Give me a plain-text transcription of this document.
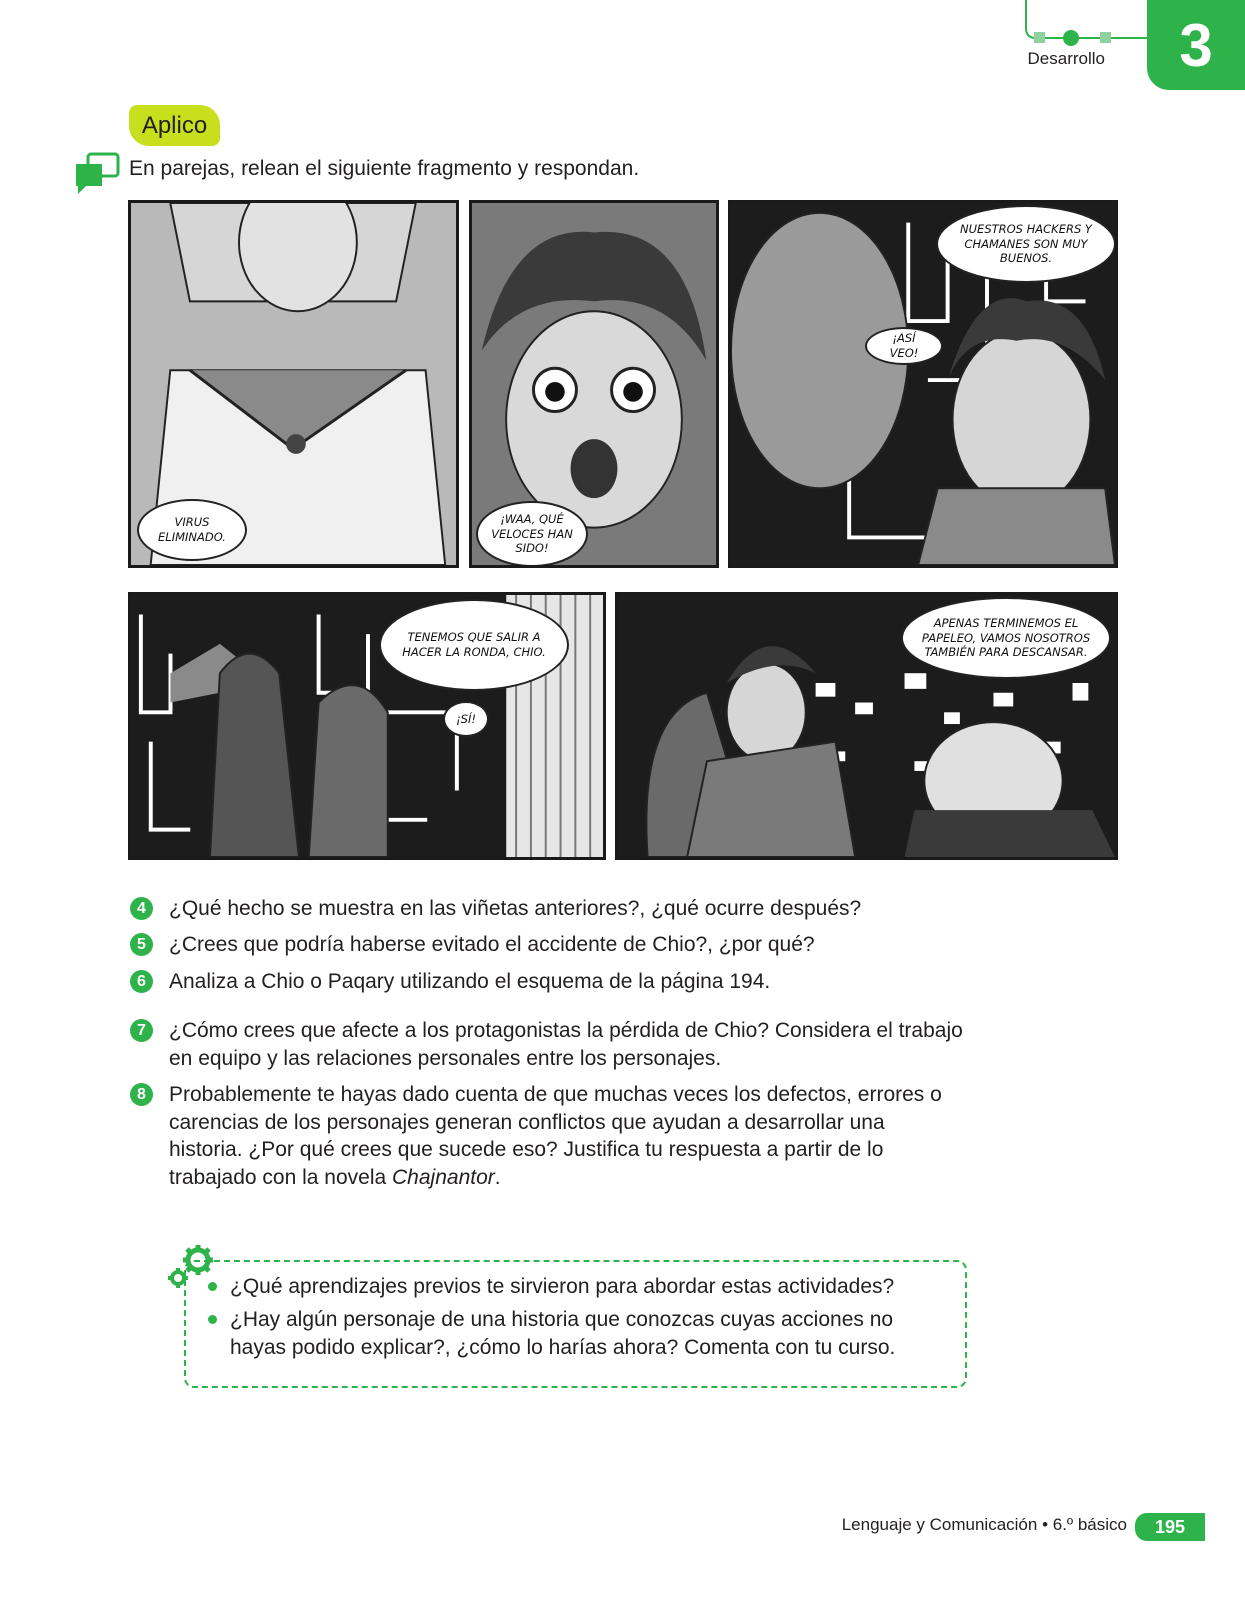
Desarrollo 3
Aplico
En parejas, relean el siguiente fragmento y respondan.
VIRUS ELIMINADO.
¡WAA, QUÉ VELOCES HAN SIDO!
NUESTROS HACKERS Y CHAMANES SON MUY BUENOS.
¡ASÍ VEO!
TENEMOS QUE SALIR A HACER LA RONDA, CHIO.
¡SÍ!
APENAS TERMINEMOS EL PAPELEO, VAMOS NOSOTROS TAMBIÉN PARA DESCANSAR.
4	¿Qué hecho se muestra en las viñetas anteriores?, ¿qué ocurre después?
5	¿Crees que podría haberse evitado el accidente de Chio?, ¿por qué?
6	Analiza a Chio o Paqary utilizando el esquema de la página 194.
7	¿Cómo crees que afecte a los protagonistas la pérdida de Chio? Considera el trabajo en equipo y las relaciones personales entre los personajes.
8	Probablemente te hayas dado cuenta de que muchas veces los defectos, errores o carencias de los personajes generan conflictos que ayudan a desarrollar una historia. ¿Por qué crees que sucede eso? Justifica tu respuesta a partir de lo trabajado con la novela Chajnantor.
¿Qué aprendizajes previos te sirvieron para abordar estas actividades?
¿Hay algún personaje de una historia que conozcas cuyas acciones no hayas podido explicar?, ¿cómo lo harías ahora? Comenta con tu curso.
Lenguaje y Comunicación • 6.º básico	195
